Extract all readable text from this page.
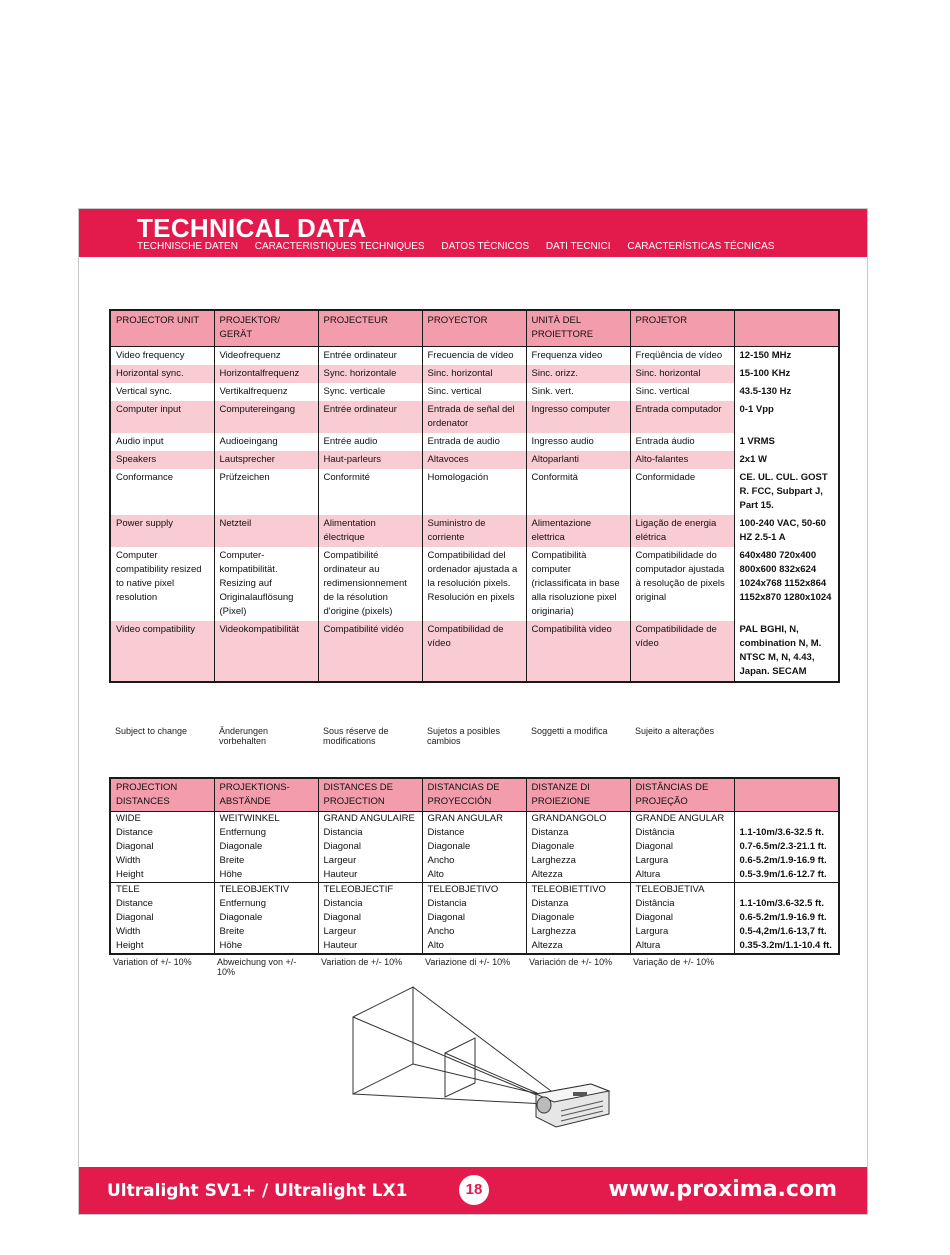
TECHNICAL DATA
TECHNISCHE DATEN CARACTERISTIQUES TECHNIQUES DATOS TÉCNICOS DATI TECNICI CARACTERÍSTICAS TÉCNICAS
PROJECTOR UNIT	PROJEKTOR/ GERÄT	PROJECTEUR	PROYECTOR	UNITÀ DEL PROIETTORE	PROJETOR	
Video frequency	Videofrequenz	Entrée ordinateur	Frecuencia de vídeo	Frequenza video	Freqüência de vídeo	12-150 MHz
Horizontal sync.	Horizontalfrequenz	Sync. horizontale	Sinc. horizontal	Sinc. orizz.	Sinc. horizontal	15-100 KHz
Vertical sync.	Vertikalfrequenz	Sync. verticale	Sinc. vertical	Sink. vert.	Sinc. vertical	43.5-130 Hz
Computer input	Computereingang	Entrée ordinateur	Entrada de señal del ordenator	Ingresso computer	Entrada computador	0-1 Vpp
Audio input	Audioeingang	Entrée audio	Entrada de audio	Ingresso audio	Entrada áudio	1 VRMS
Speakers	Lautsprecher	Haut-parleurs	Altavoces	Altoparlanti	Alto-falantes	2x1 W
Conformance	Prüfzeichen	Conformité	Homologación	Conformità	Conformidade	CE. UL. CUL. GOST R. FCC, Subpart J, Part 15.
Power supply	Netzteil	Alimentation électrique	Suministro de corriente	Alimentazione elettrica	Ligação de energia elétrica	100-240 VAC, 50-60 HZ 2.5-1 A
Computer compatibility resized to native pixel resolution	Computer-kompatibilität. Resizing auf Originalauflösung (Pixel)	Compatibilité ordinateur au redimensionnement de la résolution d'origine (pixels)	Compatibilidad del ordenador ajustada a la resolución pixels. Resolución en pixels	Compatibilità computer (riclassificata in base alla risoluzione pixel originaria)	Compatibilidade do computador ajustada à resolução de pixels original	640x480 720x400 800x600 832x624 1024x768 1152x864 1152x870 1280x1024
Video compatibility	Videokompatibilität	Compatibilité vidéo	Compatibilidad de vídeo	Compatibilità video	Compatibilidade de vídeo	PAL BGHI, N, combination N, M. NTSC M, N, 4.43, Japan. SECAM
Subject to change	Änderungen vorbehalten
Sous réserve de modifications
Sujetos a posibles cambios
Soggetti a modifica	Sujeito a alterações
PROJECTION DISTANCES	PROJEKTIONS-ABSTÄNDE	DISTANCES DE PROJECTION	DISTANCIAS DE PROYECCIÓN	DISTANZE DI PROIEZIONE	DISTÂNCIAS DE PROJEÇÃO	
WIDE	WEITWINKEL	GRAND ANGULAIRE	GRAN ANGULAR	GRANDANGOLO	GRANDE ANGULAR	
Distance	Entfernung	Distancia	Distance	Distanza	Distância	1.1-10m/3.6-32.5 ft.
Diagonal	Diagonale	Diagonal	Diagonale	Diagonale	Diagonal	0.7-6.5m/2.3-21.1 ft.
Width	Breite	Largeur	Ancho	Larghezza	Largura	0.6-5.2m/1.9-16.9 ft.
Height	Höhe	Hauteur	Alto	Altezza	Altura	0.5-3.9m/1.6-12.7 ft.
TELE	TELEOBJEKTIV	TELEOBJECTIF	TELEOBJETIVO	TELEOBIETTIVO	TELEOBJETIVA	
Distance	Entfernung	Distancia	Distancia	Distanza	Distância	1.1-10m/3.6-32.5 ft.
Diagonal	Diagonale	Diagonal	Diagonal	Diagonale	Diagonal	0.6-5.2m/1.9-16.9 ft.
Width	Breite	Largeur	Ancho	Larghezza	Largura	0.5-4,2m/1.6-13,7 ft.
Height	Höhe	Hauteur	Alto	Altezza	Altura	0.35-3.2m/1.1-10.4 ft.
Variation of +/- 10%	Abweichung von +/- 10%
Variation de +/- 10%	Variazione di +/- 10%	Variación de +/- 10%	Variação de +/- 10%
Ultralight SV1+ / Ultralight LX1	18	www.proxima.com
